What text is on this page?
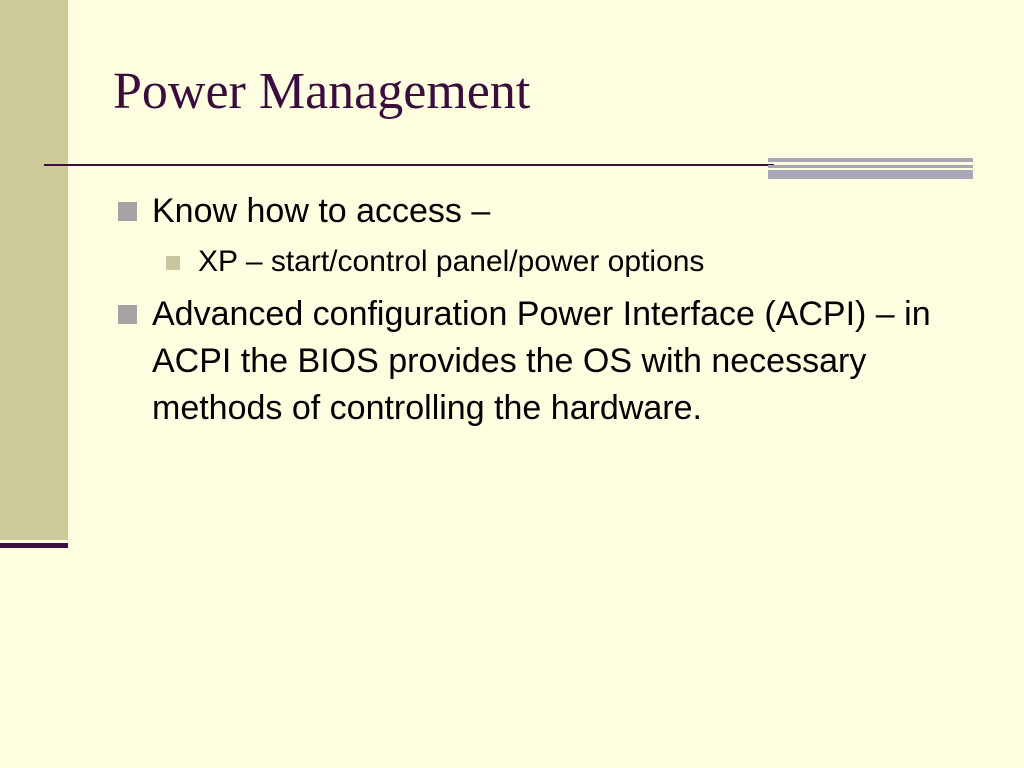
Power Management
Know how to access –
XP – start/control panel/power options
Advanced configuration Power Interface (ACPI) – in ACPI the BIOS provides the OS with necessary methods of controlling the hardware.
